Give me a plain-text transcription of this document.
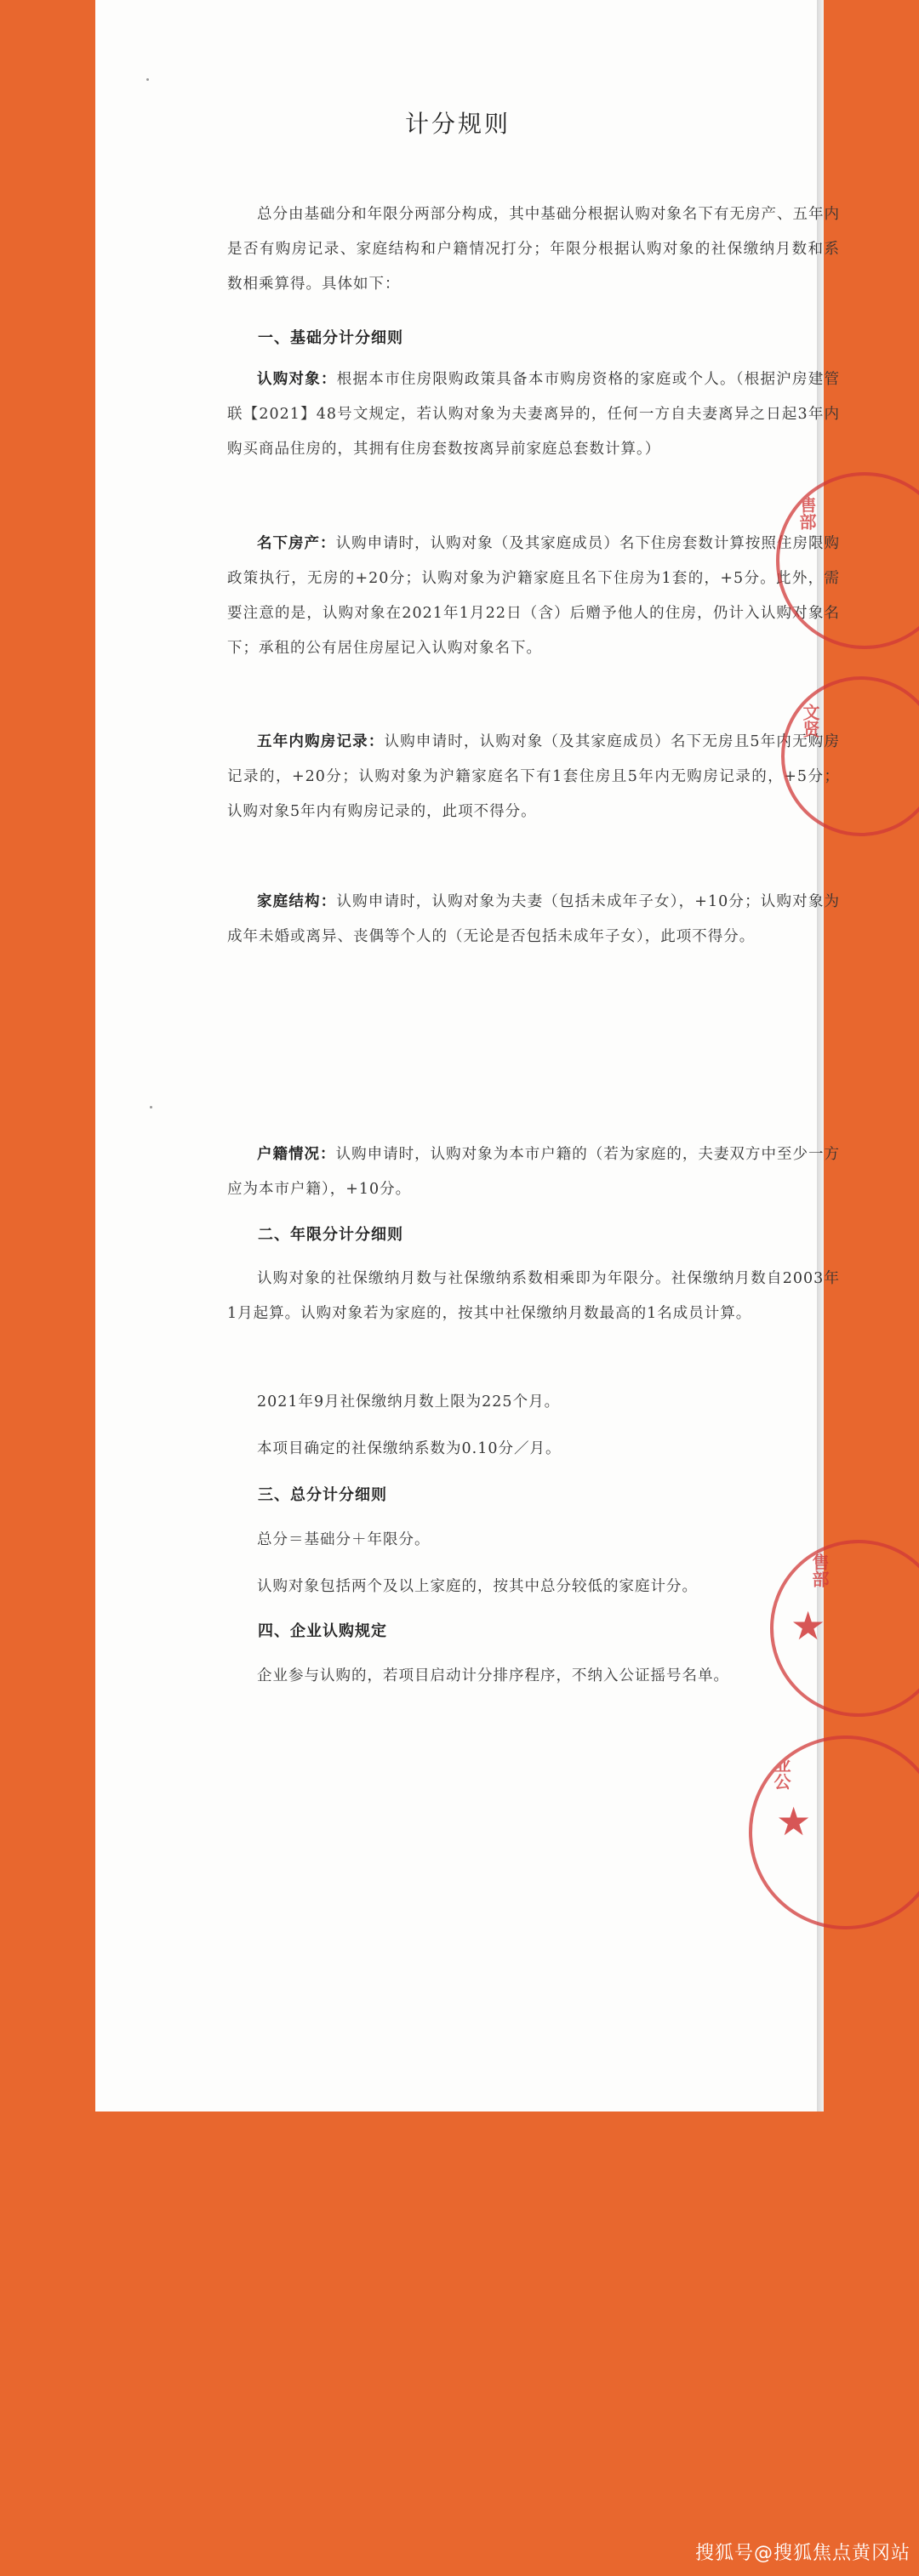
计分规则
总分由基础分和年限分两部分构成，其中基础分根据认购对象名下有无房产、五年内是否有购房记录、家庭结构和户籍情况打分；年限分根据认购对象的社保缴纳月数和系数相乘算得。具体如下：
一、基础分计分细则
认购对象：根据本市住房限购政策具备本市购房资格的家庭或个人。（根据沪房建管联【2021】48号文规定，若认购对象为夫妻离异的，任何一方自夫妻离异之日起3年内购买商品住房的，其拥有住房套数按离异前家庭总套数计算。）
名下房产：认购申请时，认购对象（及其家庭成员）名下住房套数计算按照住房限购政策执行，无房的+20分；认购对象为沪籍家庭且名下住房为1套的，+5分。此外，需要注意的是，认购对象在2021年1月22日（含）后赠予他人的住房，仍计入认购对象名下；承租的公有居住房屋记入认购对象名下。
五年内购房记录：认购申请时，认购对象（及其家庭成员）名下无房且5年内无购房记录的，+20分；认购对象为沪籍家庭名下有1套住房且5年内无购房记录的，+5分；认购对象5年内有购房记录的，此项不得分。
家庭结构：认购申请时，认购对象为夫妻（包括未成年子女），+10分；认购对象为成年未婚或离异、丧偶等个人的（无论是否包括未成年子女），此项不得分。
户籍情况：认购申请时，认购对象为本市户籍的（若为家庭的，夫妻双方中至少一方应为本市户籍），+10分。
二、年限分计分细则
认购对象的社保缴纳月数与社保缴纳系数相乘即为年限分。社保缴纳月数自2003年1月起算。认购对象若为家庭的，按其中社保缴纳月数最高的1名成员计算。
2021年9月社保缴纳月数上限为225个月。
本项目确定的社保缴纳系数为0.10分／月。
三、总分计分细则
总分＝基础分＋年限分。
认购对象包括两个及以上家庭的，按其中总分较低的家庭计分。
四、企业认购规定
企业参与认购的，若项目启动计分排序程序，不纳入公证摇号名单。
售部
文贤
★
售部
★
业公
搜狐号@搜狐焦点黄冈站
